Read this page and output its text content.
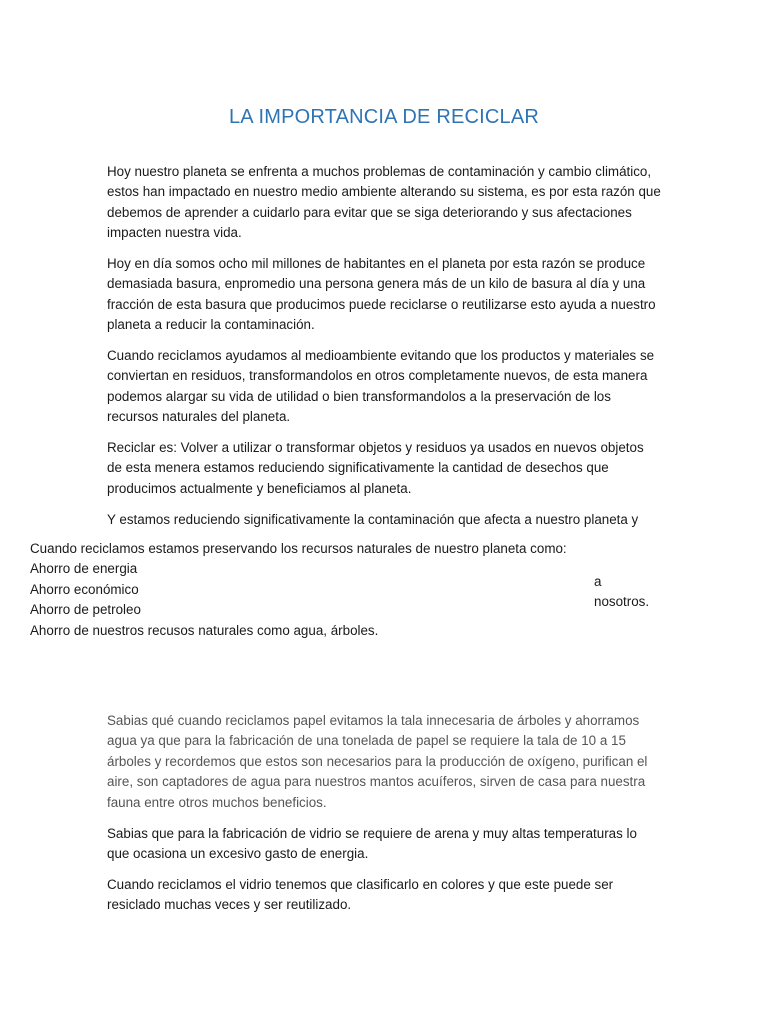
LA IMPORTANCIA DE RECICLAR

Hoy nuestro planeta se enfrenta a muchos problemas de contaminación y cambio climático, estos han impactado en nuestro medio ambiente alterando su sistema, es por esta razón que debemos de aprender a cuidarlo para evitar que se siga deteriorando y sus afectaciones impacten nuestra vida.

Hoy en día somos ocho mil millones de habitantes en el planeta por esta razón se produce demasiada basura, enpromedio una persona genera más de un kilo de basura al día y una fracción de esta basura que producimos puede reciclarse o reutilizarse esto ayuda a nuestro planeta a reducir la contaminación.

Cuando reciclamos ayudamos al medioambiente evitando que los productos y materiales se conviertan en residuos, transformandolos en otros completamente nuevos, de esta manera podemos alargar su vida de utilidad o bien transformandolos a la preservación de los recursos naturales del planeta.

Reciclar es: Volver a utilizar o transformar objetos y residuos ya usados en nuevos objetos de esta menera estamos reduciendo significativamente la cantidad de desechos que producimos actualmente y beneficiamos al planeta.

Y estamos reduciendo significativamente la contaminación que afecta a nuestro planeta y

Cuando reciclamos estamos preservando los recursos naturales de nuestro planeta como:
Ahorro de energia
Ahorro económico
Ahorro de petroleo
Ahorro de nuestros recusos naturales como agua, árboles.
a
nosotros.

Sabias qué cuando reciclamos papel evitamos la tala innecesaria de árboles y ahorramos agua ya que para la fabricación de una tonelada de papel se requiere la tala de 10 a 15 árboles y recordemos que estos son necesarios para la producción de oxígeno, purifican el aire, son captadores de agua para nuestros mantos acuíferos, sirven de casa para nuestra fauna entre otros muchos beneficios.

Sabias que para la fabricación de vidrio se requiere de arena y muy altas temperaturas lo que ocasiona un excesivo gasto de energia.

Cuando reciclamos el vidrio tenemos que clasificarlo en colores y que este puede ser resiclado muchas veces y ser reutilizado.
